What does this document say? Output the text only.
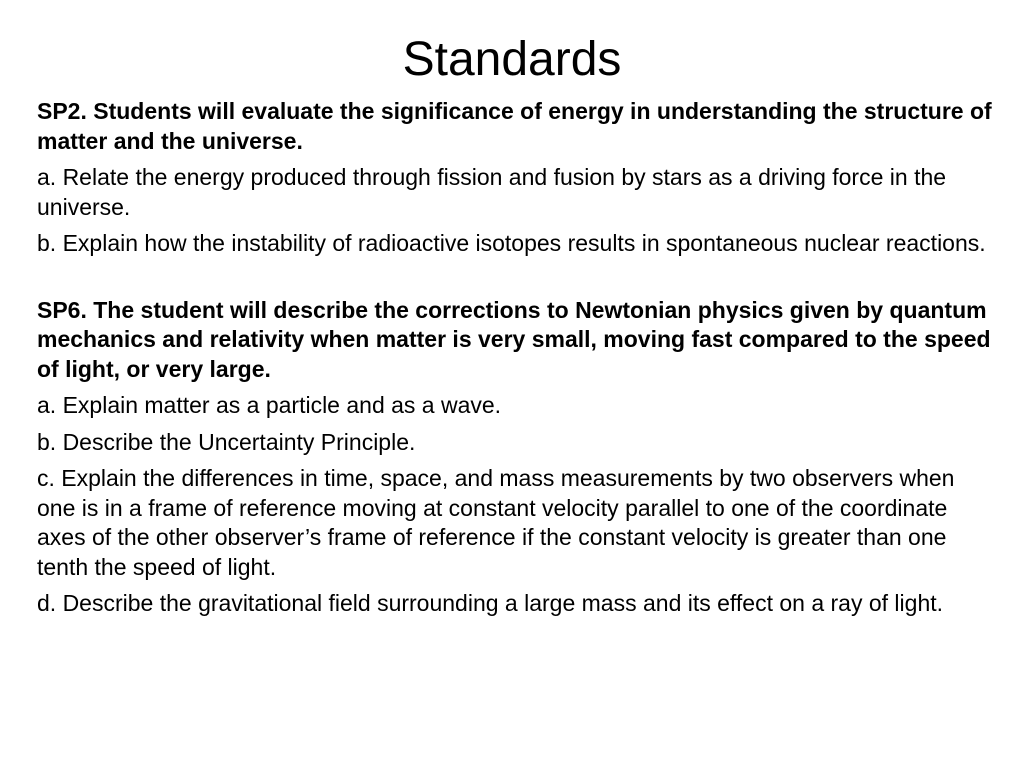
Standards

SP2. Students will evaluate the significance of energy in understanding the structure of matter and the universe.

a. Relate the energy produced through fission and fusion by stars as a driving force in the universe.

b. Explain how the instability of radioactive isotopes results in spontaneous nuclear reactions.

SP6. The student will describe the corrections to Newtonian physics given by quantum mechanics and relativity when matter is very small, moving fast compared to the speed of light, or very large.

a. Explain matter as a particle and as a wave.

b. Describe the Uncertainty Principle.

c. Explain the differences in time, space, and mass measurements by two observers when one is in a frame of reference moving at constant velocity parallel to one of the coordinate axes of the other observer’s frame of reference if the constant velocity is greater than one tenth the speed of light.

d. Describe the gravitational field surrounding a large mass and its effect on a ray of light.
